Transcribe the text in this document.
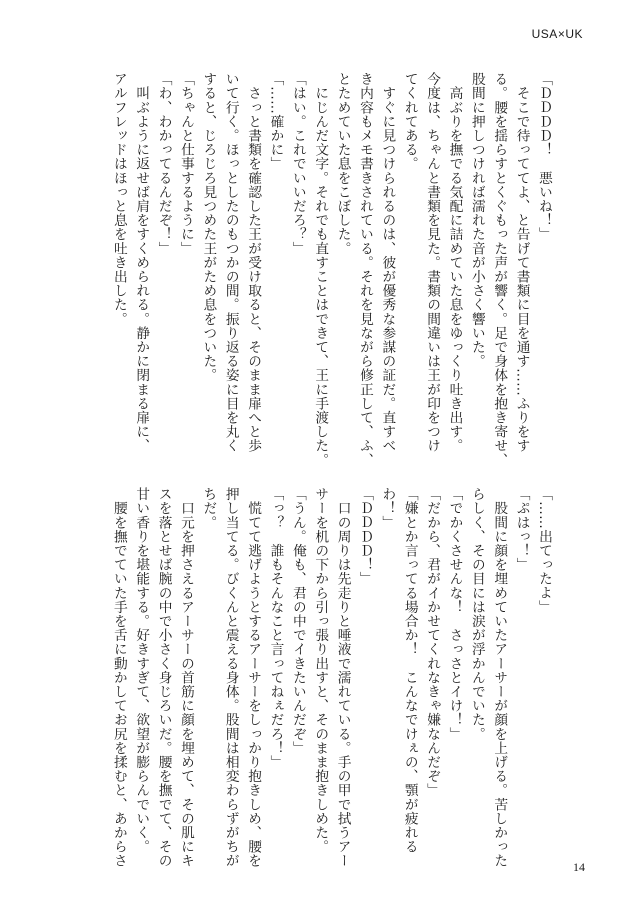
USA×UK
「ＤＤＤＤ！　悪いね！」
　そこで待っててよ、と告げて書類に目を通す……ふりをす
る。腰を揺らすとくぐもった声が響く。足で身体を抱き寄せ、
股間に押しつければ濡れた音が小さく響いた。
　高ぶりを撫でる気配に詰めていた息をゆっくり吐き出す。
今度は、ちゃんと書類を見た。書類の間違いは王が印をつけ
てくれてある。
　すぐに見つけられるのは、彼が優秀な参謀の証だ。直すべ
き内容もメモ書きされている。それを見ながら修正して、ふ、
とためていた息をこぼした。
　にじんだ文字。それでも直すことはできて、王に手渡した。
「はい。これでいいだろ？」
「……確かに」
　さっと書類を確認した王が受け取ると、そのまま扉へと歩
いて行く。ほっとしたのもつかの間。振り返る姿に目を丸く
すると、じろじろ見つめた王がため息をついた。
「ちゃんと仕事するように」
「わ、わかってるんだぞ！」
　叫ぶように返せば肩をすくめられる。静かに閉まる扉に、
アルフレッドはほっと息を吐き出した。
「……出てったよ」
「ぷはっ！」
　股間に顔を埋めていたアーサーが顔を上げる。苦しかった
らしく、その目には涙が浮かんでいた。
「でかくさせんな！　さっさとイけ！」
「だから、君がイかせてくれなきゃ嫌なんだぞ」
「嫌とか言ってる場合か！　こんなでけぇの、顎が疲れる
わ！」
「ＤＤＤＤ！」
　口の周りは先走りと唾液で濡れている。手の甲で拭うアー
サーを机の下から引っ張り出すと、そのまま抱きしめた。
「うん。俺も、君の中でイきたいんだぞ」
「っ？　誰もそんなこと言ってねぇだろ！」
　慌てて逃げようとするアーサーをしっかり抱きしめ、腰を
押し当てる。びくんと震える身体。股間は相変わらずがちが
ちだ。
　口元を押さえるアーサーの首筋に顔を埋めて、その肌にキ
スを落とせば腕の中で小さく身じろいだ。腰を撫でて、その
甘い香りを堪能する。好きすぎて、欲望が膨らんでいく。
　腰を撫でていた手を舌に動かしてお尻を揉むと、あからさ	14
